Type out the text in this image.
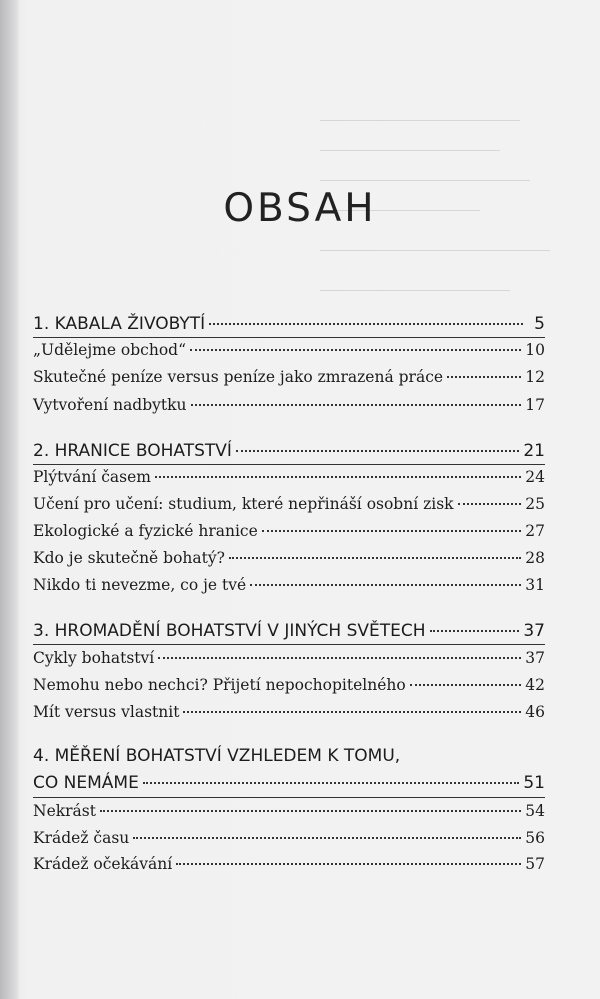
OBSAH
1. KABALA ŽIVOBYTÍ	5
„Udělejme obchod“	10
Skutečné peníze versus peníze jako zmrazená práce	12
Vytvoření nadbytku	17
2. HRANICE BOHATSTVÍ	21
Plýtvání časem	24
Učení pro učení: studium, které nepřináší osobní zisk	25
Ekologické a fyzické hranice	27
Kdo je skutečně bohatý?	28
Nikdo ti nevezme, co je tvé	31
3. HROMADĚNÍ BOHATSTVÍ V JINÝCH SVĚTECH	37
Cykly bohatství	37
Nemohu nebo nechci? Přijetí nepochopitelného	42
Mít versus vlastnit	46
4. MĚŘENÍ BOHATSTVÍ VZHLEDEM K TOMU,
CO NEMÁME	51
Nekrást	54
Krádež času	56
Krádež očekávání	57
